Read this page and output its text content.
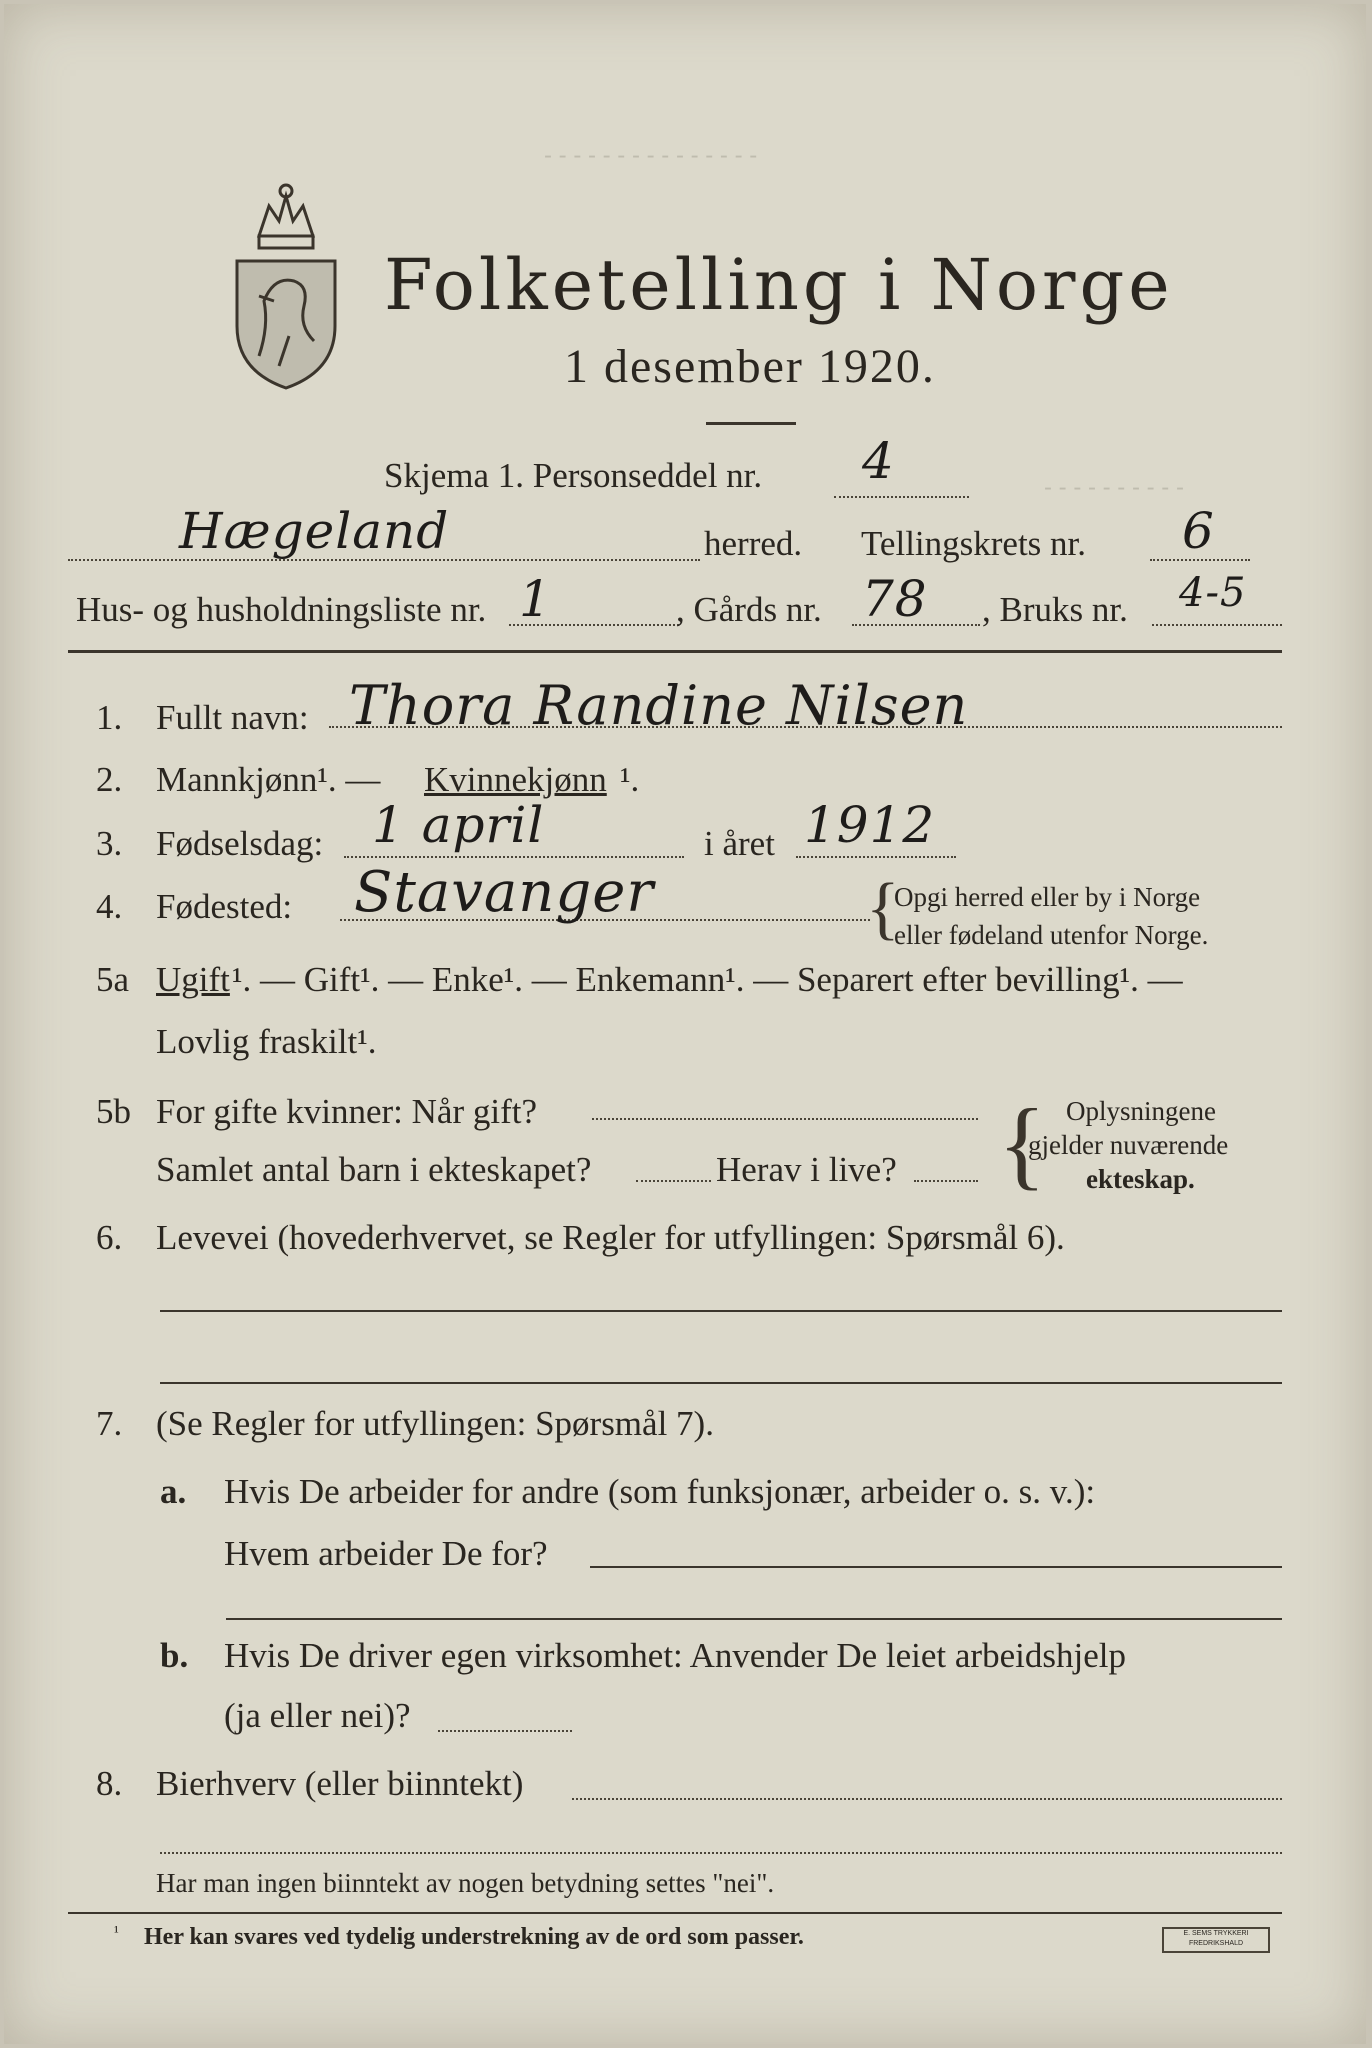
Folketelling i Norge
1 desember 1920.
- - - - - - - - - - - - - - -
- - - - - - - - - -
Skjema 1. Personseddel nr. 4
Hægeland	herred. Tellingskrets nr. 6
Hus- og husholdningsliste nr. 1	, Gårds nr. 78 , Bruks nr. 4-5
1. Fullt navn: Thora Randine Nilsen
2. Mannkjønn¹. — Kvinnekjønn ¹.
3. Fødselsdag: 1 april	i året 1912
4. Fødested: Stavanger	{
Opgi herred eller by i Norge
eller fødeland utenfor Norge.
5a Ugift ¹. — Gift¹. — Enke¹. — Enkemann¹. — Separert efter bevilling¹. —
Lovlig fraskilt¹.
5b For gifte kvinner: Når gift?
Samlet antal barn i ekteskapet?	Herav i live? { Oplysningene
gjelder nuværende
ekteskap.
6. Levevei (hovederhvervet, se Regler for utfyllingen: Spørsmål 6).
7. (Se Regler for utfyllingen: Spørsmål 7).
a. Hvis De arbeider for andre (som funksjonær, arbeider o. s. v.):
Hvem arbeider De for?
b. Hvis De driver egen virksomhet: Anvender De leiet arbeidshjelp
(ja eller nei)?
8. Bierhverv (eller biinntekt)
Har man ingen biinntekt av nogen betydning settes "nei".
¹ Her kan svares ved tydelig understrekning av de ord som passer.	E. SEMS TRYKKERI
FREDRIKSHALD
